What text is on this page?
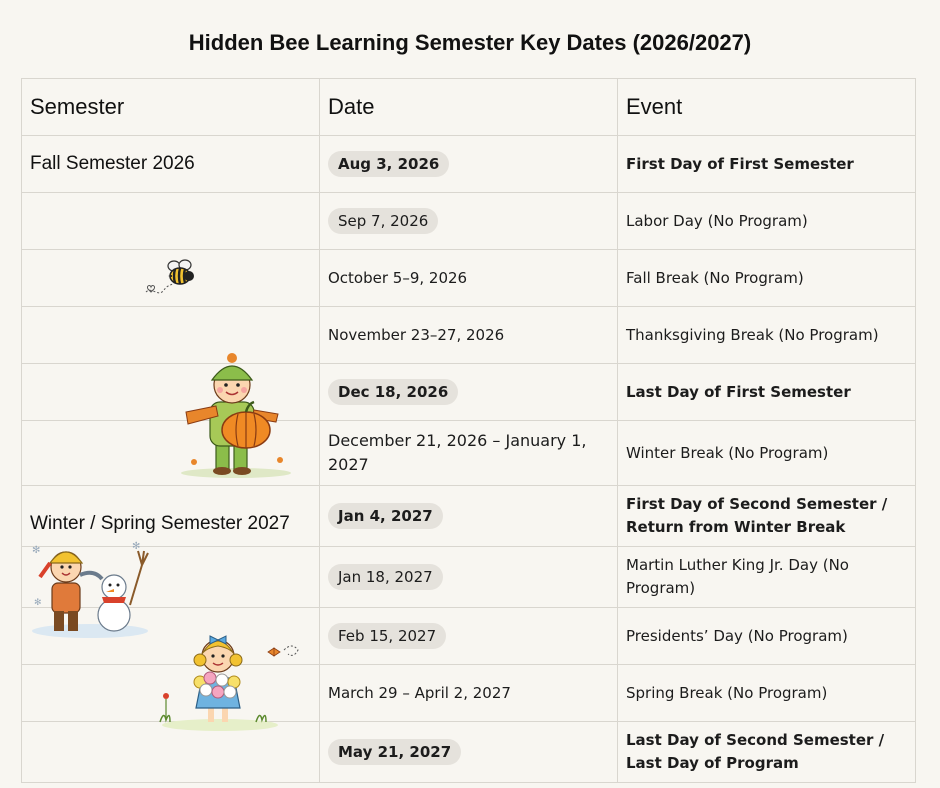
Hidden Bee Learning Semester Key Dates (2026/2027)
Semester	Date	Event
Fall Semester 2026	Aug 3, 2026	First Day of First Semester
	Sep 7, 2026	Labor Day (No Program)
	October 5–9, 2026	Fall Break (No Program)
	November 23–27, 2026	Thanksgiving Break (No Program)
	Dec 18, 2026	Last Day of First Semester
	December 21, 2026 – January 1, 2027	Winter Break (No Program)
Winter / Spring Semester 2027	Jan 4, 2027	First Day of Second Semester / Return from Winter Break
	Jan 18, 2027	Martin Luther King Jr. Day (No Program)
	Feb 15, 2027	Presidents’ Day (No Program)
	March 29 – April 2, 2027	Spring Break (No Program)
	May 21, 2027	Last Day of Second Semester / Last Day of Program
✻	✻
✻
